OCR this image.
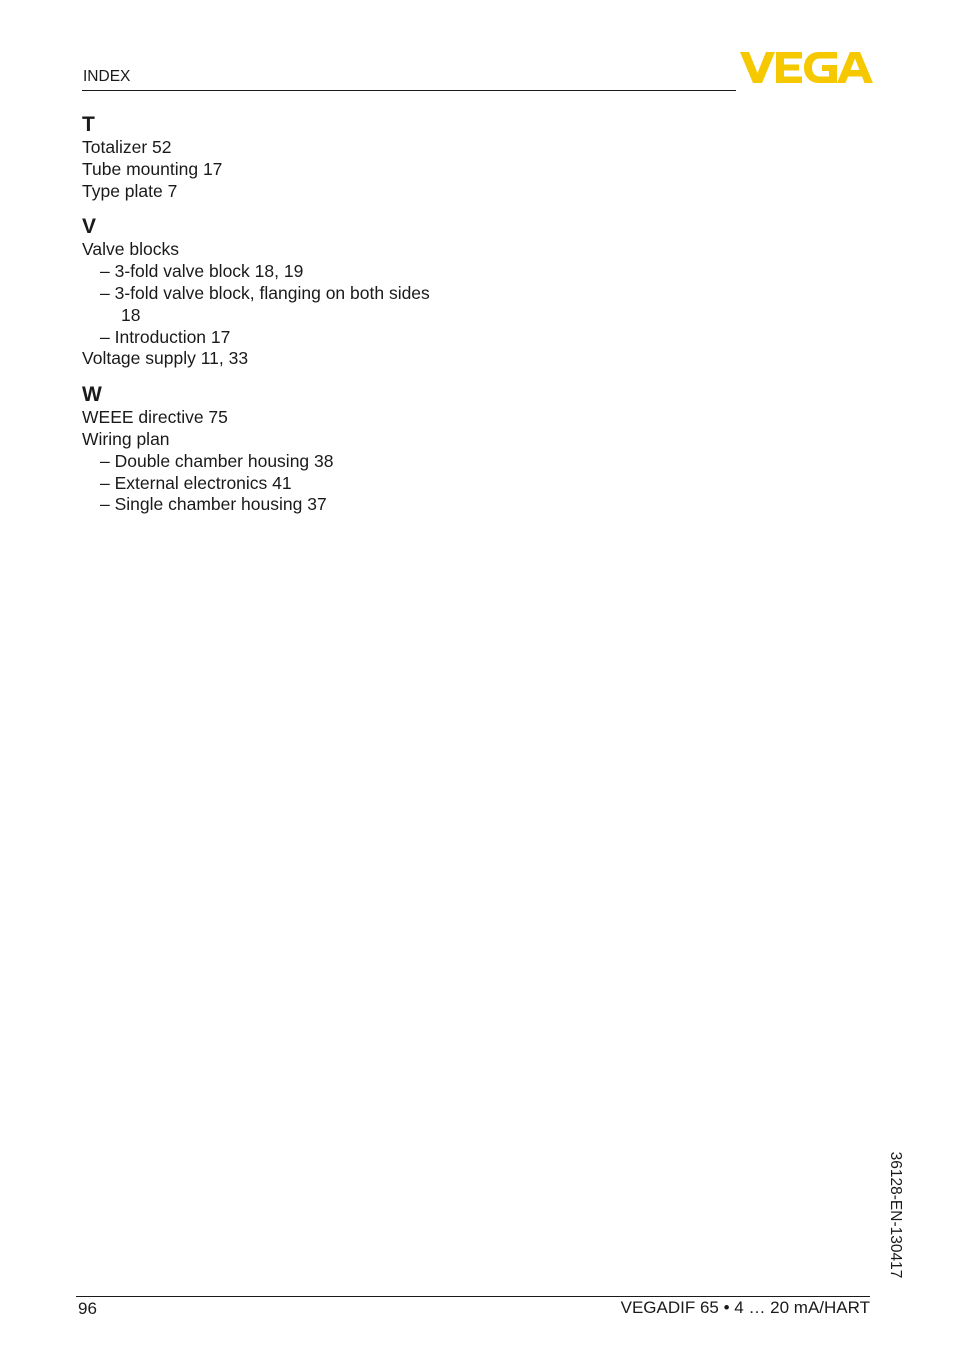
INDEX
T
Totalizer 52
Tube mounting 17
Type plate 7
V
Valve blocks
– 3-fold valve block 18, 19
– 3-fold valve block, flanging on both sides
18
– Introduction 17
Voltage supply 11, 33
W
WEEE directive 75
Wiring plan
– Double chamber housing 38
– External electronics 41
– Single chamber housing 37
36128-EN-130417
96	VEGADIF 65 • 4 … 20 mA/HART
